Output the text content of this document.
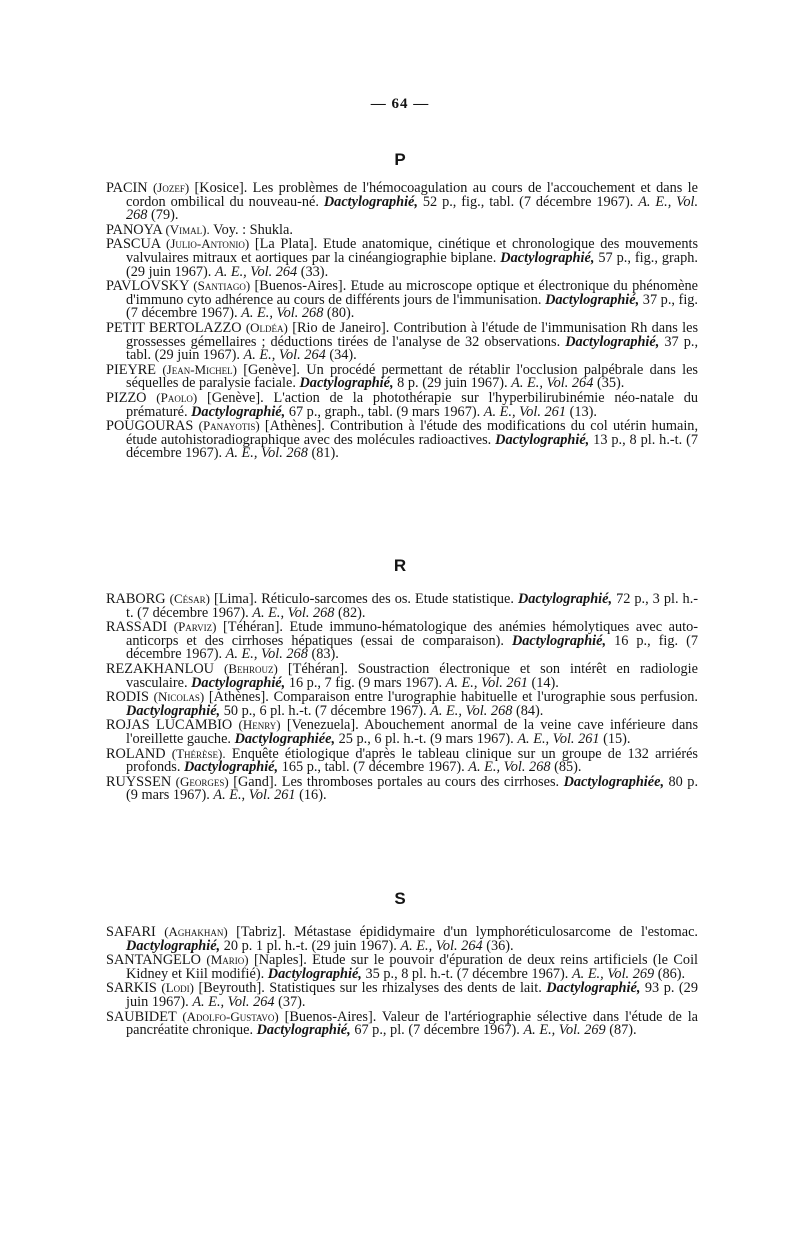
— 64 —
P

PACIN (Jozef) [Kosice]. Les problèmes de l'hémocoagulation au cours de l'accouchement et dans le cordon ombilical du nouveau-né. Dactylographié, 52 p., fig., tabl. (7 décembre 1967). A. E., Vol. 268 (79).

PANOYA (Vimal). Voy. : Shukla.

PASCUA (Julio-Antonio) [La Plata]. Etude anatomique, cinétique et chronologique des mouvements valvulaires mitraux et aortiques par la cinéangiographie biplane. Dactylographié, 57 p., fig., graph. (29 juin 1967). A. E., Vol. 264 (33).

PAVLOVSKY (Santiago) [Buenos-Aires]. Etude au microscope optique et électronique du phénomène d'immuno cyto adhérence au cours de différents jours de l'immunisation. Dactylographié, 37 p., fig. (7 décembre 1967). A. E., Vol. 268 (80).

PETIT BERTOLAZZO (Oldéa) [Rio de Janeiro]. Contribution à l'étude de l'immunisation Rh dans les grossesses gémellaires ; déductions tirées de l'analyse de 32 observations. Dactylographié, 37 p., tabl. (29 juin 1967). A. E., Vol. 264 (34).

PIEYRE (Jean-Michel) [Genève]. Un procédé permettant de rétablir l'occlusion palpébrale dans les séquelles de paralysie faciale. Dactylographié, 8 p. (29 juin 1967). A. E., Vol. 264 (35).

PIZZO (Paolo) [Genève]. L'action de la photothérapie sur l'hyperbilirubinémie néo-natale du prématuré. Dactylographié, 67 p., graph., tabl. (9 mars 1967). A. E., Vol. 261 (13).

POUGOURAS (Panayotis) [Athènes]. Contribution à l'étude des modifications du col utérin humain, étude autohistoradiographique avec des molécules radioactives. Dactylographié, 13 p., 8 pl. h.-t. (7 décembre 1967). A. E., Vol. 268 (81).

R

RABORG (César) [Lima]. Réticulo-sarcomes des os. Etude statistique. Dactylographié, 72 p., 3 pl. h.-t. (7 décembre 1967). A. E., Vol. 268 (82).

RASSADI (Parviz) [Téhéran]. Etude immuno-hématologique des anémies hémolytiques avec auto-anticorps et des cirrhoses hépatiques (essai de comparaison). Dactylographié, 16 p., fig. (7 décembre 1967). A. E., Vol. 268 (83).

REZAKHANLOU (Behrouz) [Téhéran]. Soustraction électronique et son intérêt en radiologie vasculaire. Dactylographié, 16 p., 7 fig. (9 mars 1967). A. E., Vol. 261 (14).

RODIS (Nicolas) [Athènes]. Comparaison entre l'urographie habituelle et l'urographie sous perfusion. Dactylographié, 50 p., 6 pl. h.-t. (7 décembre 1967). A. E., Vol. 268 (84).

ROJAS LUCAMBIO (Henry) [Venezuela]. Abouchement anormal de la veine cave inférieure dans l'oreillette gauche. Dactylographiée, 25 p., 6 pl. h.-t. (9 mars 1967). A. E., Vol. 261 (15).

ROLAND (Thérèse). Enquête étiologique d'après le tableau clinique sur un groupe de 132 arriérés profonds. Dactylographié, 165 p., tabl. (7 décembre 1967). A. E., Vol. 268 (85).

RUYSSEN (Georges) [Gand]. Les thromboses portales au cours des cirrhoses. Dactylographiée, 80 p. (9 mars 1967). A. E., Vol. 261 (16).

S

SAFARI (Aghakhan) [Tabriz]. Métastase épididymaire d'un lymphoréticulosarcome de l'estomac. Dactylographié, 20 p. 1 pl. h.-t. (29 juin 1967). A. E., Vol. 264 (36).

SANTANGELO (Mario) [Naples]. Etude sur le pouvoir d'épuration de deux reins artificiels (le Coil Kidney et Kiil modifié). Dactylographié, 35 p., 8 pl. h.-t. (7 décembre 1967). A. E., Vol. 269 (86).

SARKIS (Lodi) [Beyrouth]. Statistiques sur les rhizalyses des dents de lait. Dactylographié, 93 p. (29 juin 1967). A. E., Vol. 264 (37).

SAUBIDET (Adolfo-Gustavo) [Buenos-Aires]. Valeur de l'artériographie sélective dans l'étude de la pancréatite chronique. Dactylographié, 67 p., pl. (7 décembre 1967). A. E., Vol. 269 (87).
